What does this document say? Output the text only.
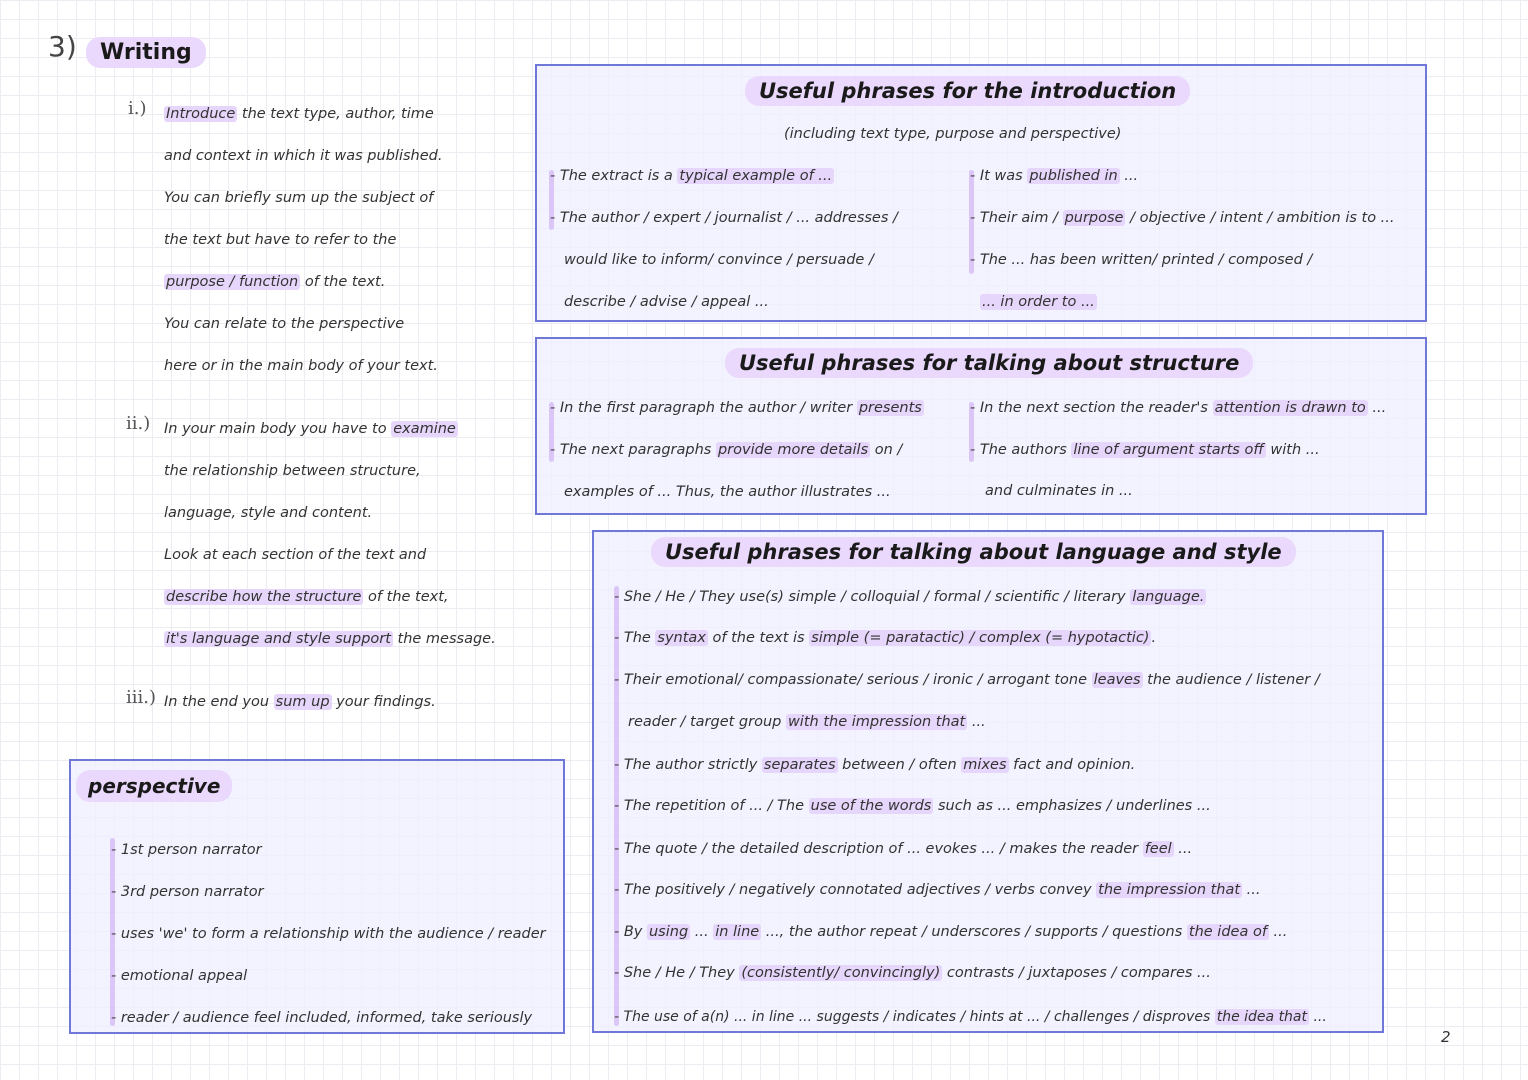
3)	Writing
i.) Introduce the text type, author, time
and context in which it was published.
You can briefly sum up the subject of
the text but have to refer to the
purpose / function of the text.
You can relate to the perspective
here or in the main body of your text.
ii.) In your main body you have to examine
the relationship between structure,
language, style and content.
Look at each section of the text and
describe how the structure of the text,
it's language and style support the message.
iii.) In the end you sum up your findings.
perspective
- 1st person narrator
- 3rd person narrator
- uses 'we' to form a relationship with the audience / reader
- emotional appeal
- reader / audience feel included, informed, take seriously
Useful phrases for the introduction
(including text type, purpose and perspective)
- The extract is a typical example of ...
- The author / expert / journalist / ... addresses /
would like to inform/ convince / persuade /
describe / advise / appeal ...
- It was published in ...
- Their aim / purpose / objective / intent / ambition is to ...
- The ... has been written/ printed / composed /
... in order to ...
Useful phrases for talking about structure
- In the first paragraph the author / writer presents
- The next paragraphs provide more details on /
examples of ... Thus, the author illustrates ...
- In the next section the reader's attention is drawn to ...
- The authors line of argument starts off with ...
and culminates in ...
Useful phrases for talking about language and style
- She / He / They use(s) simple / colloquial / formal / scientific / literary language.
- The syntax of the text is simple (= paratactic) / complex (= hypotactic) .
- Their emotional/ compassionate/ serious / ironic / arrogant tone leaves the audience / listener /
reader / target group with the impression that ...
- The author strictly separates between / often mixes fact and opinion.
- The repetition of ... / The use of the words such as ... emphasizes / underlines ...
- The quote / the detailed description of ... evokes ... / makes the reader feel ...
- The positively / negatively connotated adjectives / verbs convey the impression that ...
- By using ... in line ..., the author repeat / underscores / supports / questions the idea of ...
- She / He / They (consistently/ convincingly) contrasts / juxtaposes / compares ...
- The use of a(n) ... in line ... suggests / indicates / hints at ... / challenges / disproves the idea that ...
2
